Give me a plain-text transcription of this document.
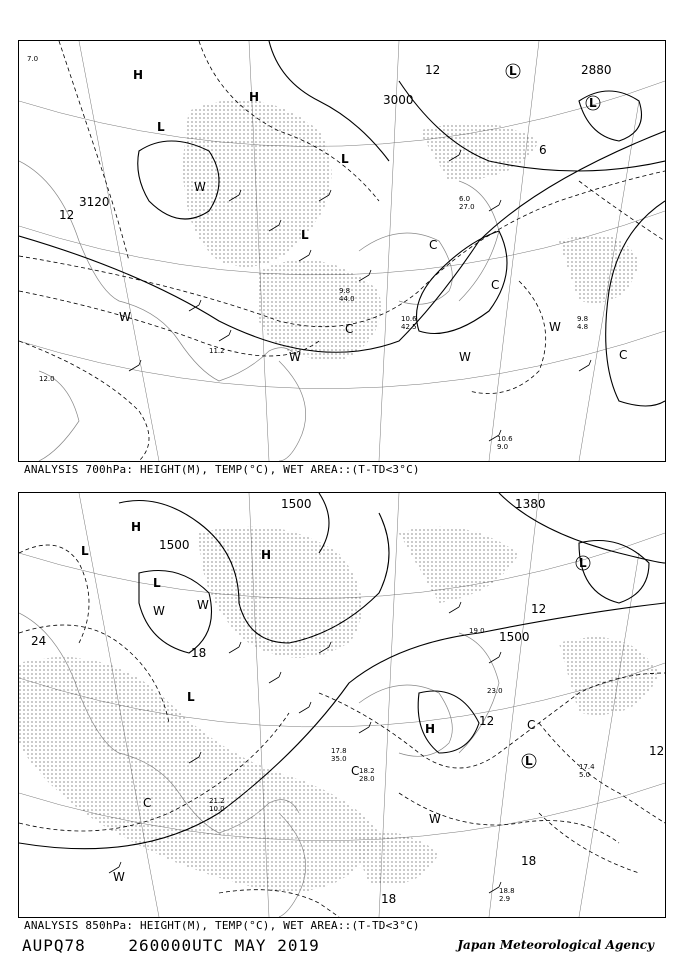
H
H
L
L
L
L
L
W
W
W
W
W
C
C
C
C
3120
3000
2880
12
12
6
10.6 9.0
9.8 4.8
11.2
10.6 42.5
9.8 44.0
12.0
7.0
6.0 27.0
ANALYSIS 700hPa: HEIGHT(M), TEMP(°C), WET AREA::(T-TD<3°C)
H
H
H
L
L
L
L
L
W
W
W
W
C
C
C
1500
1500
1500
1380
24
18
18
18
12
12
12
18.8 2.9
17.4 5.0
21.2 10.0
17.8 35.0
18.2 28.0
19.0
23.0
ANALYSIS 850hPa: HEIGHT(M), TEMP(°C), WET AREA::(T-TD<3°C)
AUPQ78	260000UTC MAY 2019	Japan Meteorological Agency
